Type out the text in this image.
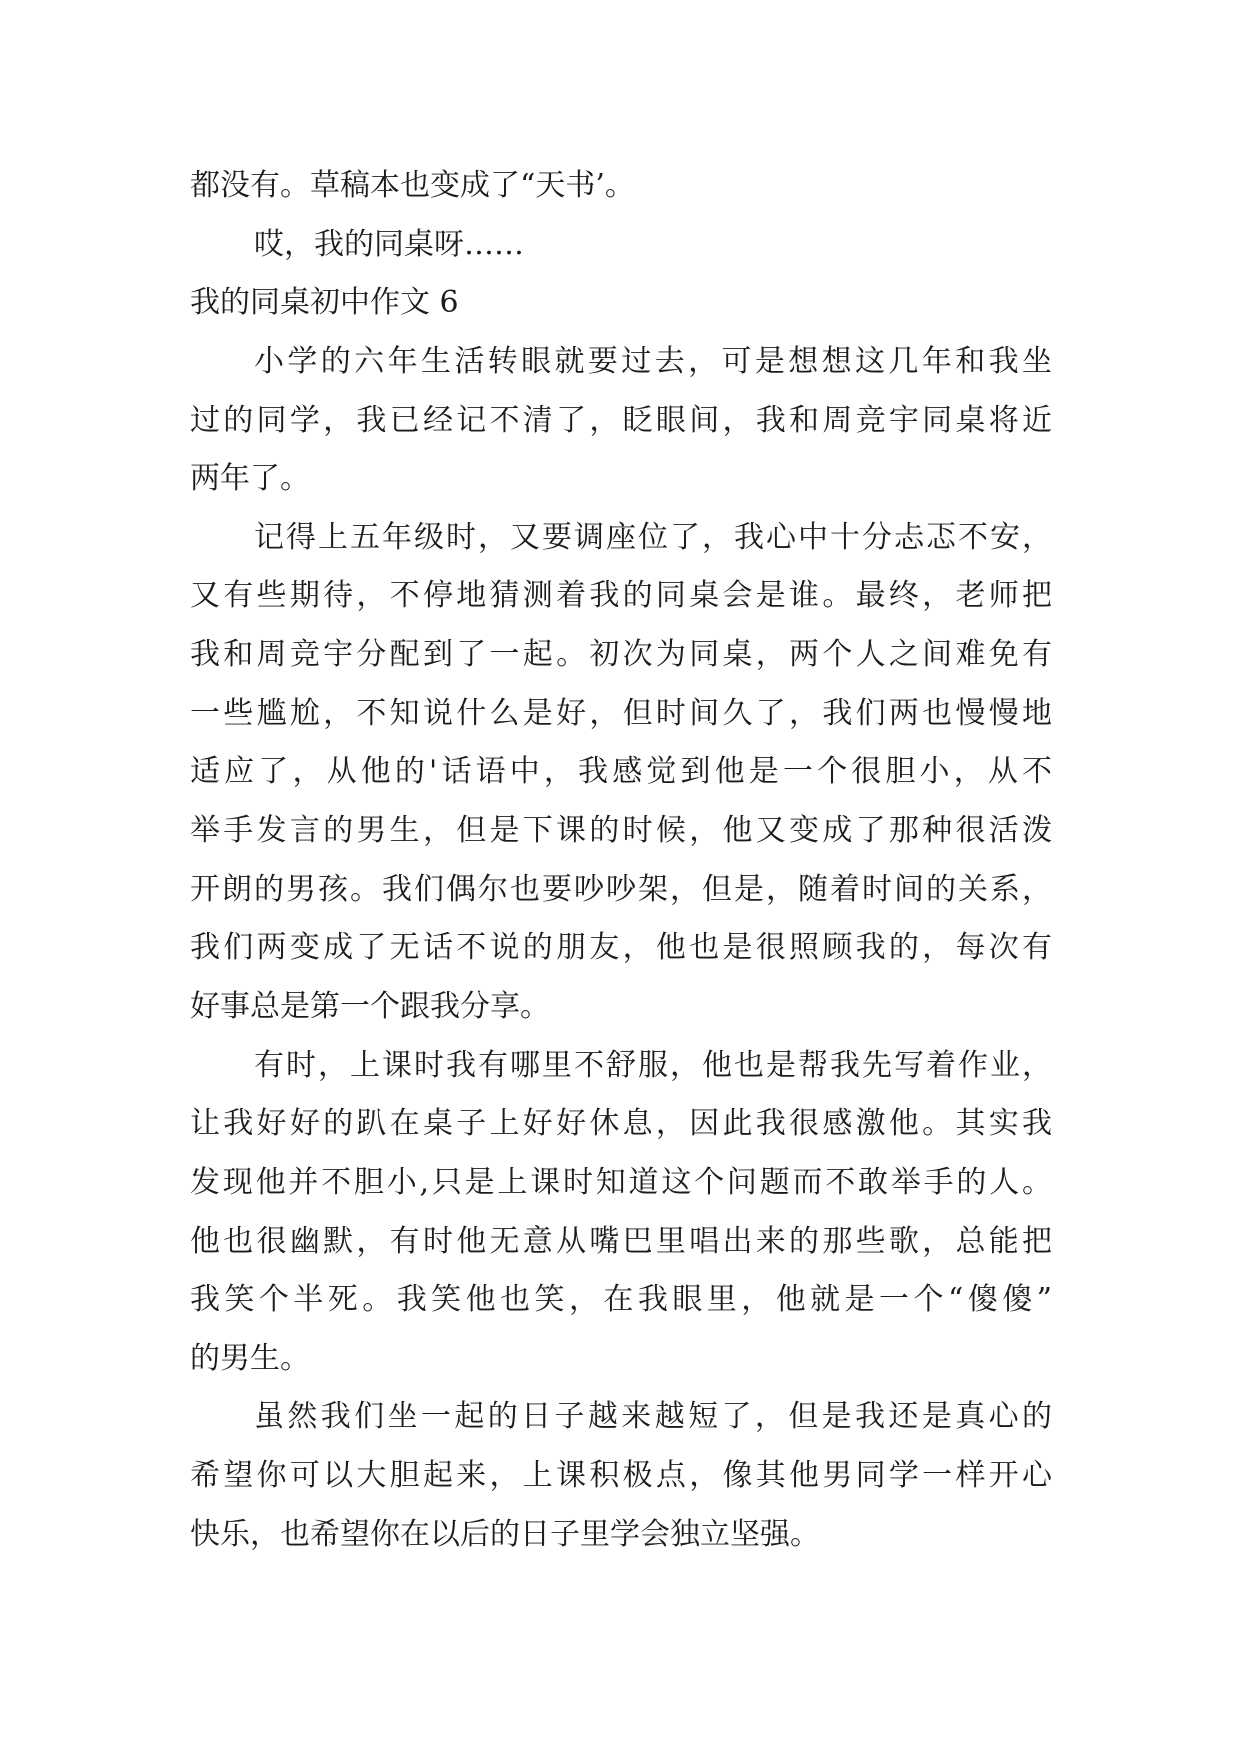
都没有。草稿本也变成了“天书’。
哎，我的同桌呀……
我的同桌初中作文 6
小学的六年生活转眼就要过去，可是想想这几年和我坐
过的同学，我已经记不清了，眨眼间，我和周竞宇同桌将近
两年了。
记得上五年级时，又要调座位了，我心中十分忐忑不安，
又有些期待，不停地猜测着我的同桌会是谁。最终，老师把
我和周竞宇分配到了一起。初次为同桌，两个人之间难免有
一些尴尬，不知说什么是好，但时间久了，我们两也慢慢地
适应了，从他的'话语中，我感觉到他是一个很胆小，从不
举手发言的男生，但是下课的时候，他又变成了那种很活泼
开朗的男孩。我们偶尔也要吵吵架，但是，随着时间的关系，
我们两变成了无话不说的朋友，他也是很照顾我的，每次有
好事总是第一个跟我分享。
有时，上课时我有哪里不舒服，他也是帮我先写着作业，
让我好好的趴在桌子上好好休息，因此我很感激他。其实我
发现他并不胆小,只是上课时知道这个问题而不敢举手的人。
他也很幽默，有时他无意从嘴巴里唱出来的那些歌，总能把
我笑个半死。我笑他也笑，在我眼里，他就是一个“傻傻”
的男生。
虽然我们坐一起的日子越来越短了，但是我还是真心的
希望你可以大胆起来，上课积极点，像其他男同学一样开心
快乐，也希望你在以后的日子里学会独立坚强。
